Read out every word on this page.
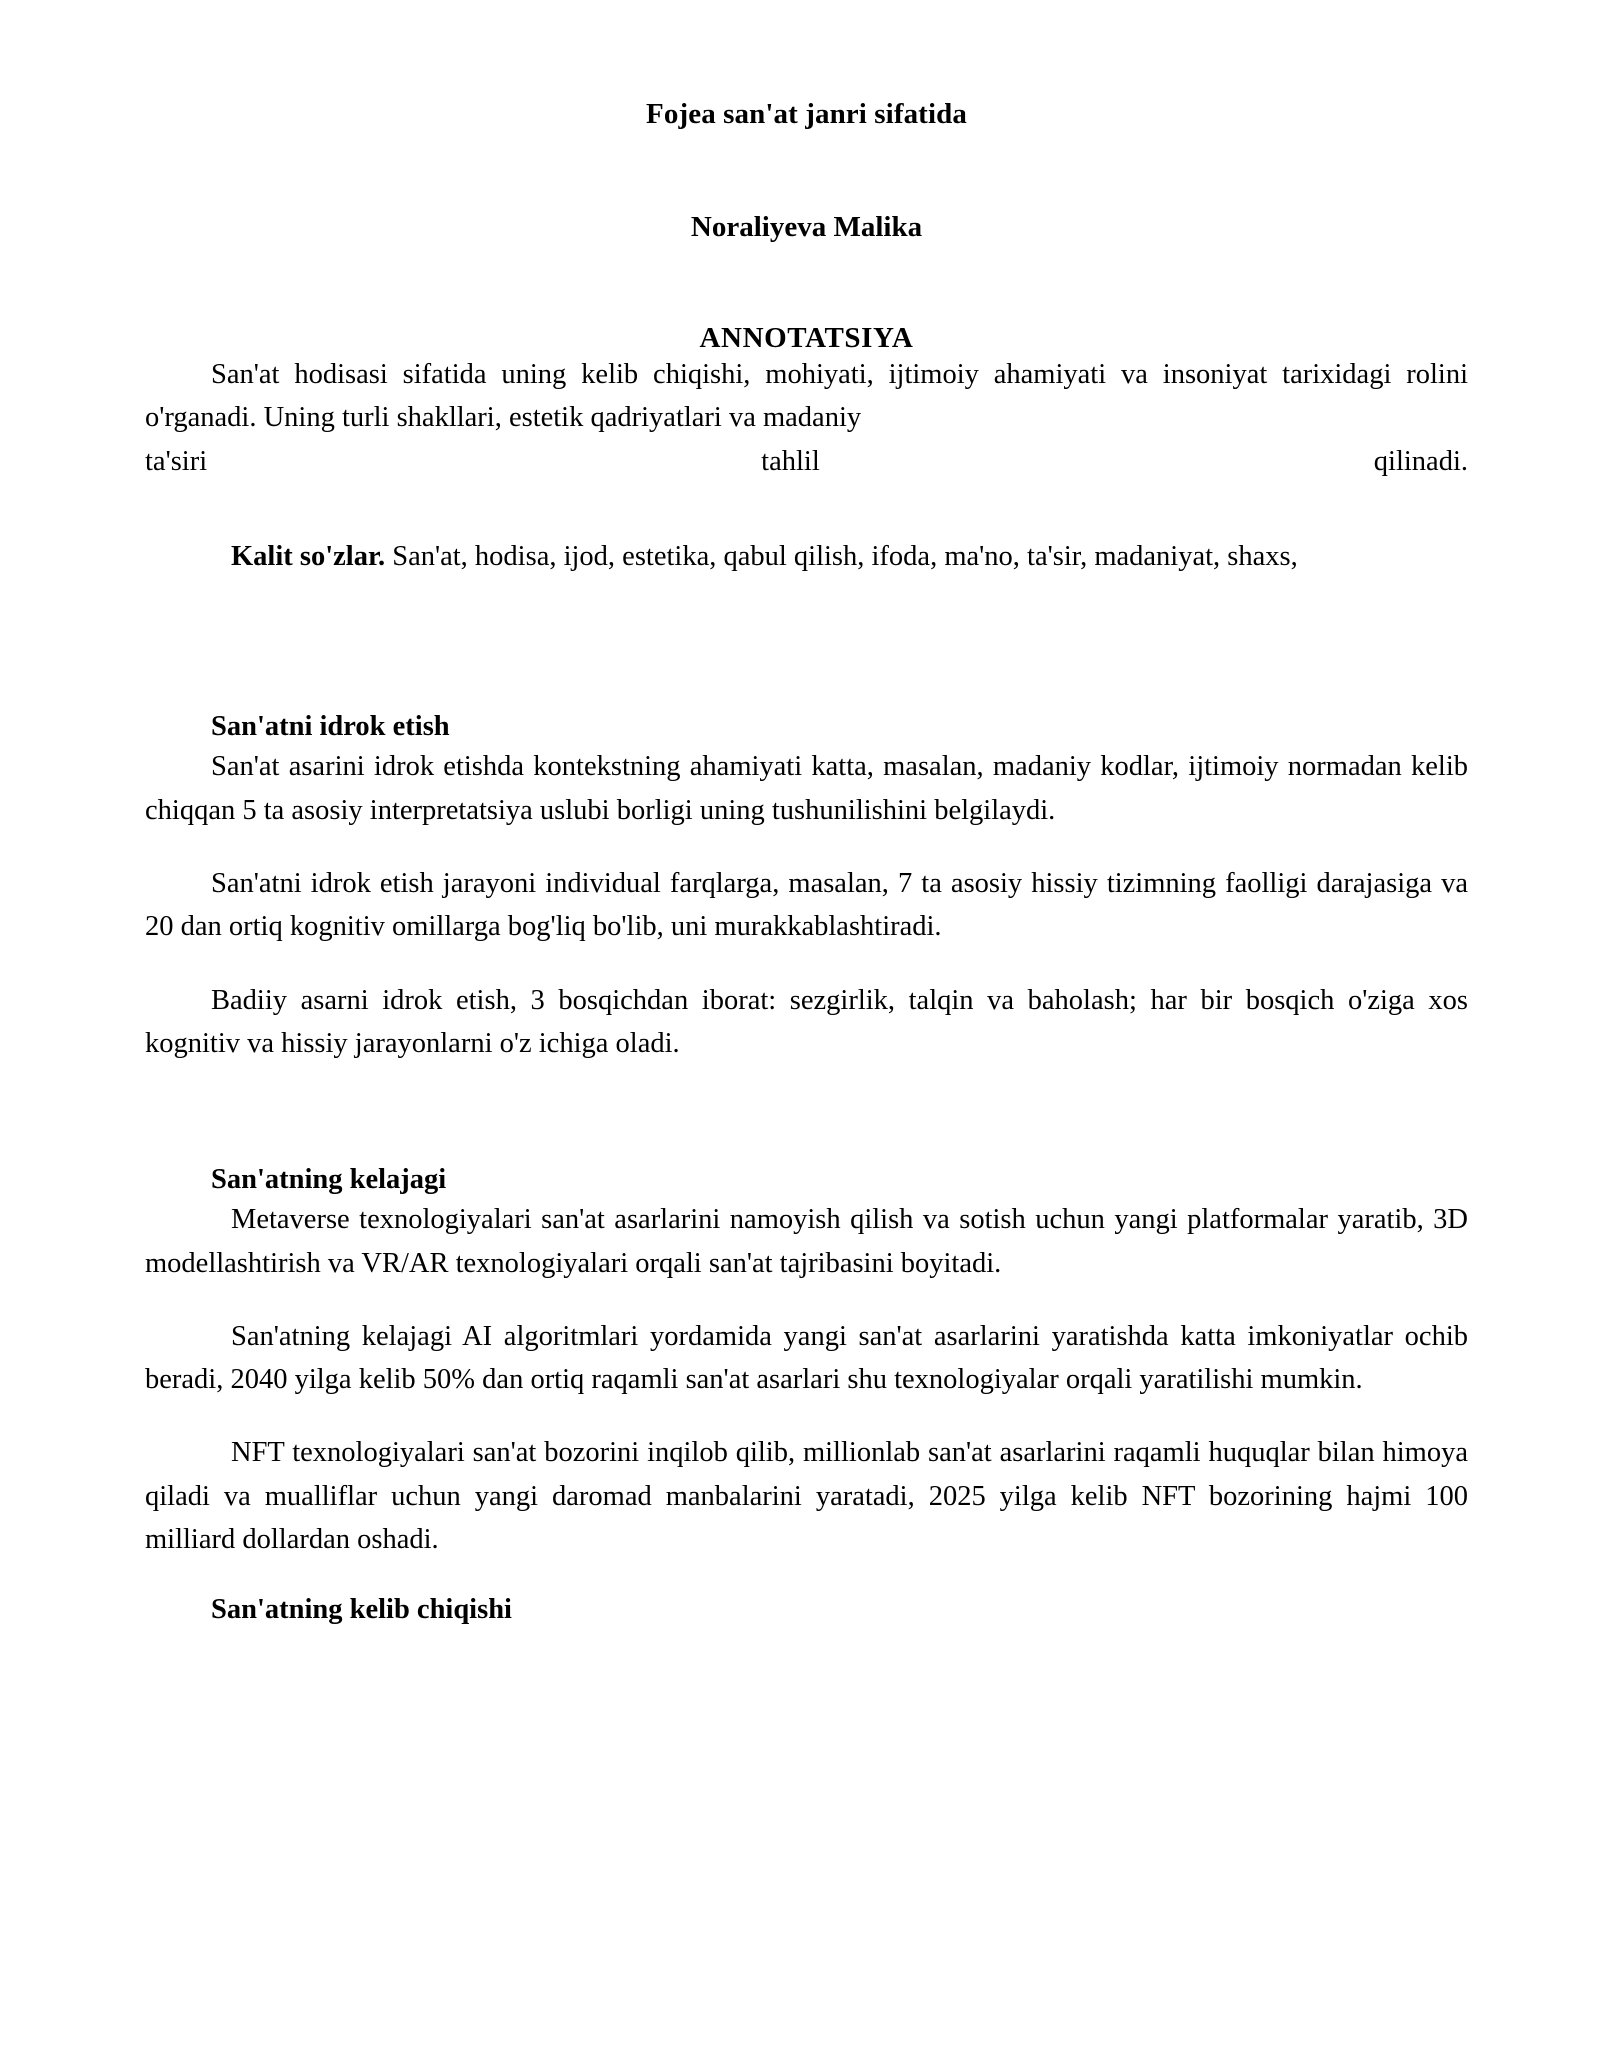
Fojea san'at janri sifatida
Noraliyeva Malika
ANNOTATSIYA

San'at hodisasi sifatida uning kelib chiqishi, mohiyati, ijtimoiy ahamiyati va insoniyat tarixidagi rolini o'rganadi. Uning turli shakllari, estetik qadriyatlari va madaniy

ta'siri	tahlil	qilinadi.

Kalit so'zlar. San'at, hodisa, ijod, estetika, qabul qilish, ifoda, ma'no, ta'sir, madaniyat, shaxs,

San'atni idrok etish

San'at asarini idrok etishda kontekstning ahamiyati katta, masalan, madaniy kodlar, ijtimoiy normadan kelib chiqqan 5 ta asosiy interpretatsiya uslubi borligi uning tushunilishini belgilaydi.

San'atni idrok etish jarayoni individual farqlarga, masalan, 7 ta asosiy hissiy tizimning faolligi darajasiga va 20 dan ortiq kognitiv omillarga bog'liq bo'lib, uni murakkablashtiradi.

Badiiy asarni idrok etish, 3 bosqichdan iborat: sezgirlik, talqin va baholash; har bir bosqich o'ziga xos kognitiv va hissiy jarayonlarni o'z ichiga oladi.

San'atning kelajagi

Metaverse texnologiyalari san'at asarlarini namoyish qilish va sotish uchun yangi platformalar yaratib, 3D modellashtirish va VR/AR texnologiyalari orqali san'at tajribasini boyitadi.

San'atning kelajagi AI algoritmlari yordamida yangi san'at asarlarini yaratishda katta imkoniyatlar ochib beradi, 2040 yilga kelib 50% dan ortiq raqamli san'at asarlari shu texnologiyalar orqali yaratilishi mumkin.

NFT texnologiyalari san'at bozorini inqilob qilib, millionlab san'at asarlarini raqamli huquqlar bilan himoya qiladi va mualliflar uchun yangi daromad manbalarini yaratadi, 2025 yilga kelib NFT bozorining hajmi 100 milliard dollardan oshadi.

San'atning kelib chiqishi
